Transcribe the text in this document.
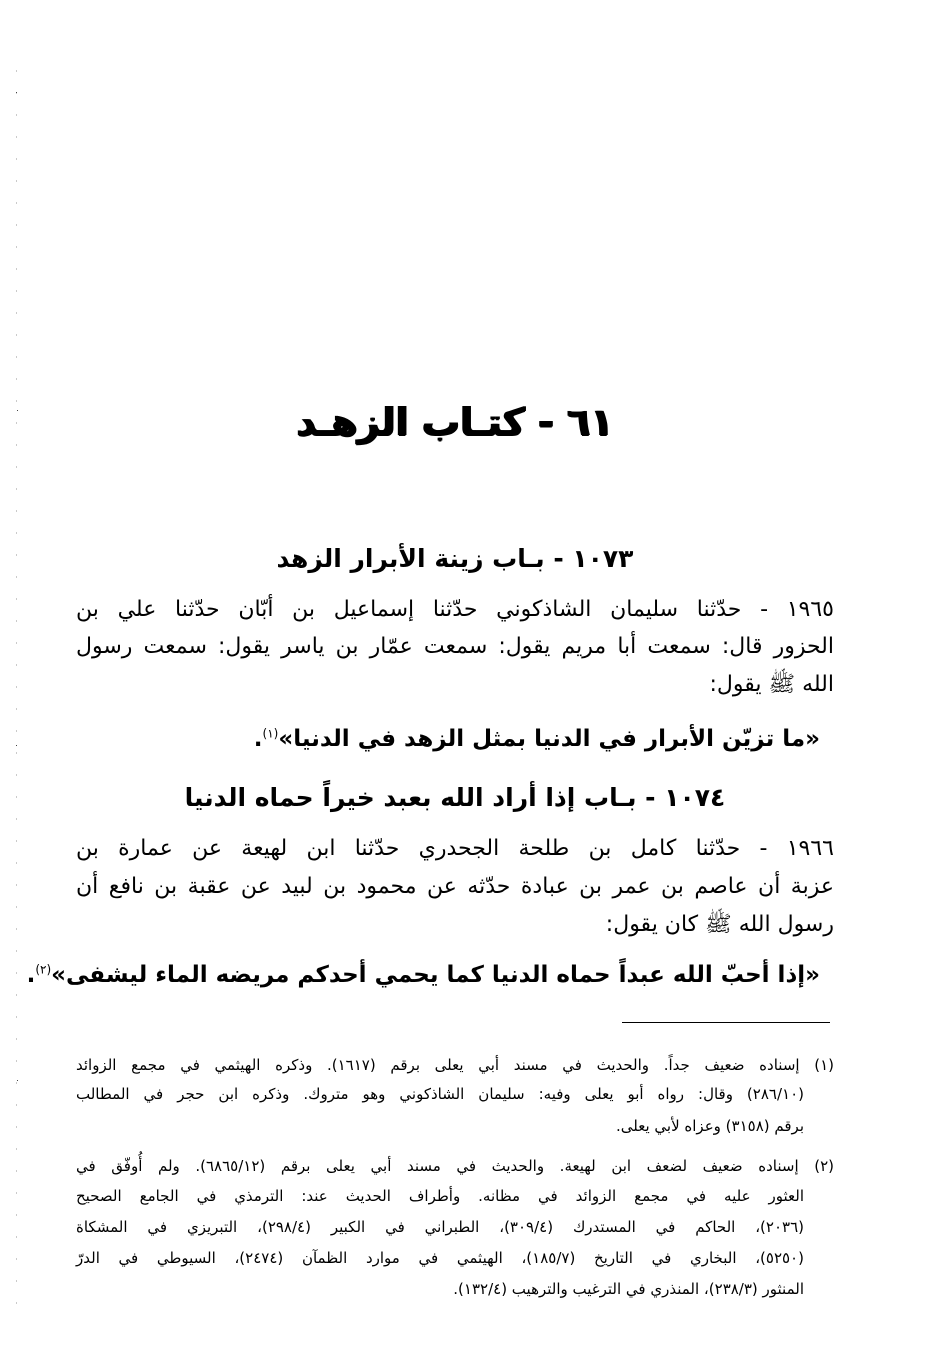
٦١ - كتـاب الزهـد
١٠٧٣ - بـاب زينة الأبرار الزهد
١٩٦٥ - حدّثنا سليمان الشاذكوني حدّثنا إسماعيل بن أبّان حدّثنا علي بن
الحزور قال: سمعت أبا مريم يقول: سمعت عمّار بن ياسر يقول: سمعت رسول
الله ﷺ يقول:
«ما تزيّن الأبرار في الدنيا بمثل الزهد في الدنيا»$^{(١)}$.
١٠٧٤ - بـاب إذا أراد الله بعبد خيراً حماه الدنيا
١٩٦٦ - حدّثنا كامل بن طلحة الجحدري حدّثنا ابن لهيعة عن عمارة بن
عزبة أن عاصم بن عمر بن عبادة حدّثه عن محمود بن لبيد عن عقبة بن نافع أن
رسول الله ﷺ كان يقول:
«إذا أحبّ الله عبداً حماه الدنيا كما يحمي أحدكم مريضه الماء ليشفى»$^{(٢)}$.
(١) إسناده ضعيف جداً. والحديث في مسند أبي يعلى برقم (١٦١٧). وذكره الهيثمي في مجمع الزوائد
(٢٨٦/١٠) وقال: رواه أبو يعلى وفيه: سليمان الشاذكوني وهو متروك. وذكره ابن حجر في المطالب
برقم (٣١٥٨) وعزاه لأبي يعلى.
(٢) إسناده ضعيف لضعف ابن لهيعة. والحديث في مسند أبي يعلى برقم (٦٨٦٥/١٢). ولم أُوفّق في
العثور عليه في مجمع الزوائد في مظانه. وأطراف الحديث عند: الترمذي في الجامع الصحيح
(٢٠٣٦)، الحاكم في المستدرك (٣٠٩/٤)، الطبراني في الكبير (٢٩٨/٤)، التبريزي في المشكاة
(٥٢٥٠)، البخاري في التاريخ (١٨٥/٧)، الهيثمي في موارد الظمآن (٢٤٧٤)، السيوطي في الدرّ
المنثور (٢٣٨/٣)، المنذري في الترغيب والترهيب (١٣٢/٤).
